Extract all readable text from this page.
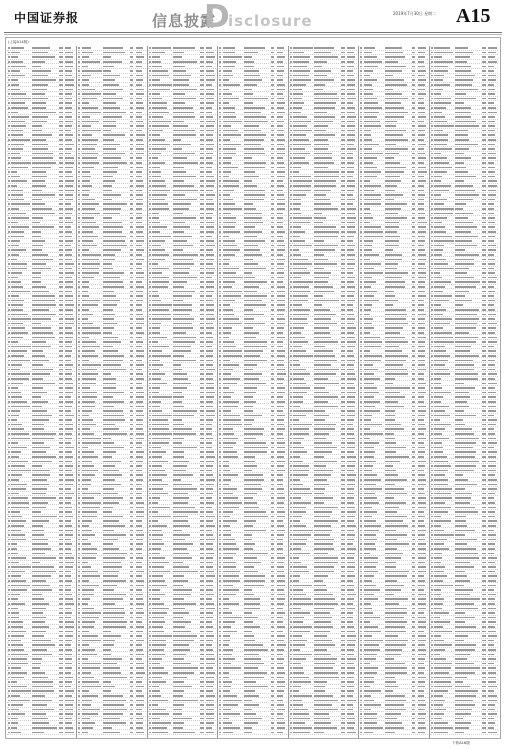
中国证券报	信息披露
D
isclosure	2019年7月30日 星期二 A15
(上接A14版)
下转A16版
